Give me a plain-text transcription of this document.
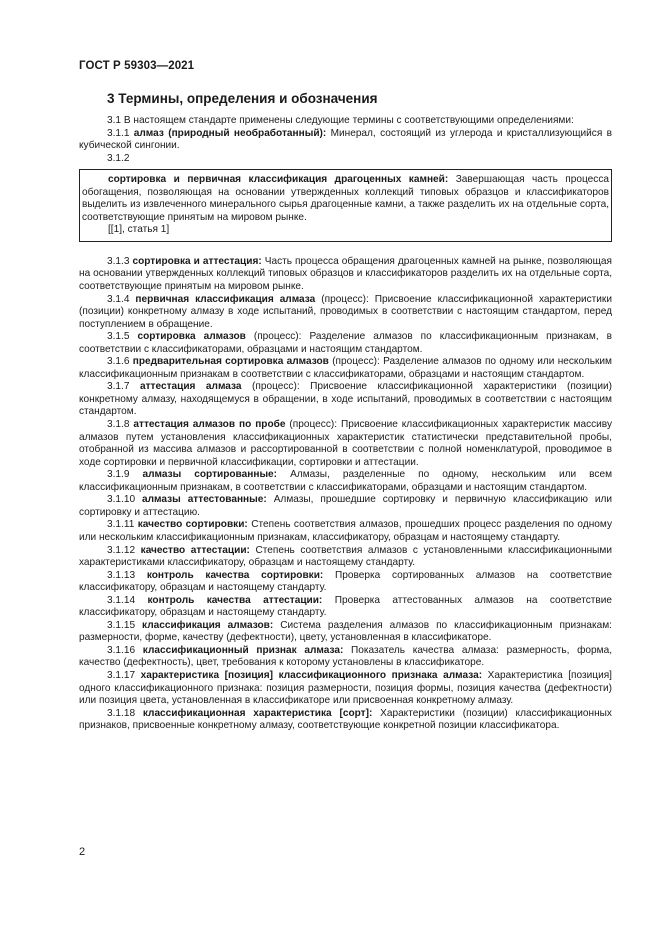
ГОСТ Р 59303—2021
3 Термины, определения и обозначения

3.1 В настоящем стандарте применены следующие термины с соответствующими определениями:

3.1.1 алмаз (природный необработанный): Минерал, состоящий из углерода и кристаллизующийся в кубической сингонии.

3.1.2

сортировка и первичная классификация драгоценных камней: Завершающая часть процесса обогащения, позволяющая на основании утвержденных коллекций типовых образцов и классификаторов выделить из извлеченного минерального сырья драгоценные камни, а также разделить их на отдельные сорта, соответствующие принятым на мировом рынке.

[[1], статья 1]

3.1.3 сортировка и аттестация: Часть процесса обращения драгоценных камней на рынке, позволяющая на основании утвержденных коллекций типовых образцов и классификаторов разделить их на отдельные сорта, соответствующие принятым на мировом рынке.

3.1.4 первичная классификация алмаза (процесс): Присвоение классификационной характеристики (позиции) конкретному алмазу в ходе испытаний, проводимых в соответствии с настоящим стандартом, перед поступлением в обращение.

3.1.5 сортировка алмазов (процесс): Разделение алмазов по классификационным признакам, в соответствии с классификаторами, образцами и настоящим стандартом.

3.1.6 предварительная сортировка алмазов (процесс): Разделение алмазов по одному или нескольким классификационным признакам в соответствии с классификаторами, образцами и настоящим стандартом.

3.1.7 аттестация алмаза (процесс): Присвоение классификационной характеристики (позиции) конкретному алмазу, находящемуся в обращении, в ходе испытаний, проводимых в соответствии с настоящим стандартом.

3.1.8 аттестация алмазов по пробе (процесс): Присвоение классификационных характеристик массиву алмазов путем установления классификационных характеристик статистически представительной пробы, отобранной из массива алмазов и рассортированной в соответствии с полной номенклатурой, проводимое в ходе сортировки и первичной классификации, сортировки и аттестации.

3.1.9 алмазы сортированные: Алмазы, разделенные по одному, нескольким или всем классификационным признакам, в соответствии с классификаторами, образцами и настоящим стандартом.

3.1.10 алмазы аттестованные: Алмазы, прошедшие сортировку и первичную классификацию или сортировку и аттестацию.

3.1.11 качество сортировки: Степень соответствия алмазов, прошедших процесс разделения по одному или нескольким классификационным признакам, классификатору, образцам и настоящему стандарту.

3.1.12 качество аттестации: Степень соответствия алмазов с установленными классификационными характеристиками классификатору, образцам и настоящему стандарту.

3.1.13 контроль качества сортировки: Проверка сортированных алмазов на соответствие классификатору, образцам и настоящему стандарту.

3.1.14 контроль качества аттестации: Проверка аттестованных алмазов на соответствие классификатору, образцам и настоящему стандарту.

3.1.15 классификация алмазов: Система разделения алмазов по классификационным признакам: размерности, форме, качеству (дефектности), цвету, установленная в классификаторе.

3.1.16 классификационный признак алмаза: Показатель качества алмаза: размерность, форма, качество (дефектность), цвет, требования к которому установлены в классификаторе.

3.1.17 характеристика [позиция] классификационного признака алмаза: Характеристика [позиция] одного классификационного признака: позиция размерности, позиция формы, позиция качества (дефектности) или позиция цвета, установленная в классификаторе или присвоенная конкретному алмазу.

3.1.18 классификационная характеристика [сорт]: Характеристики (позиции) классификационных признаков, присвоенные конкретному алмазу, соответствующие конкретной позиции классификатора.

2
